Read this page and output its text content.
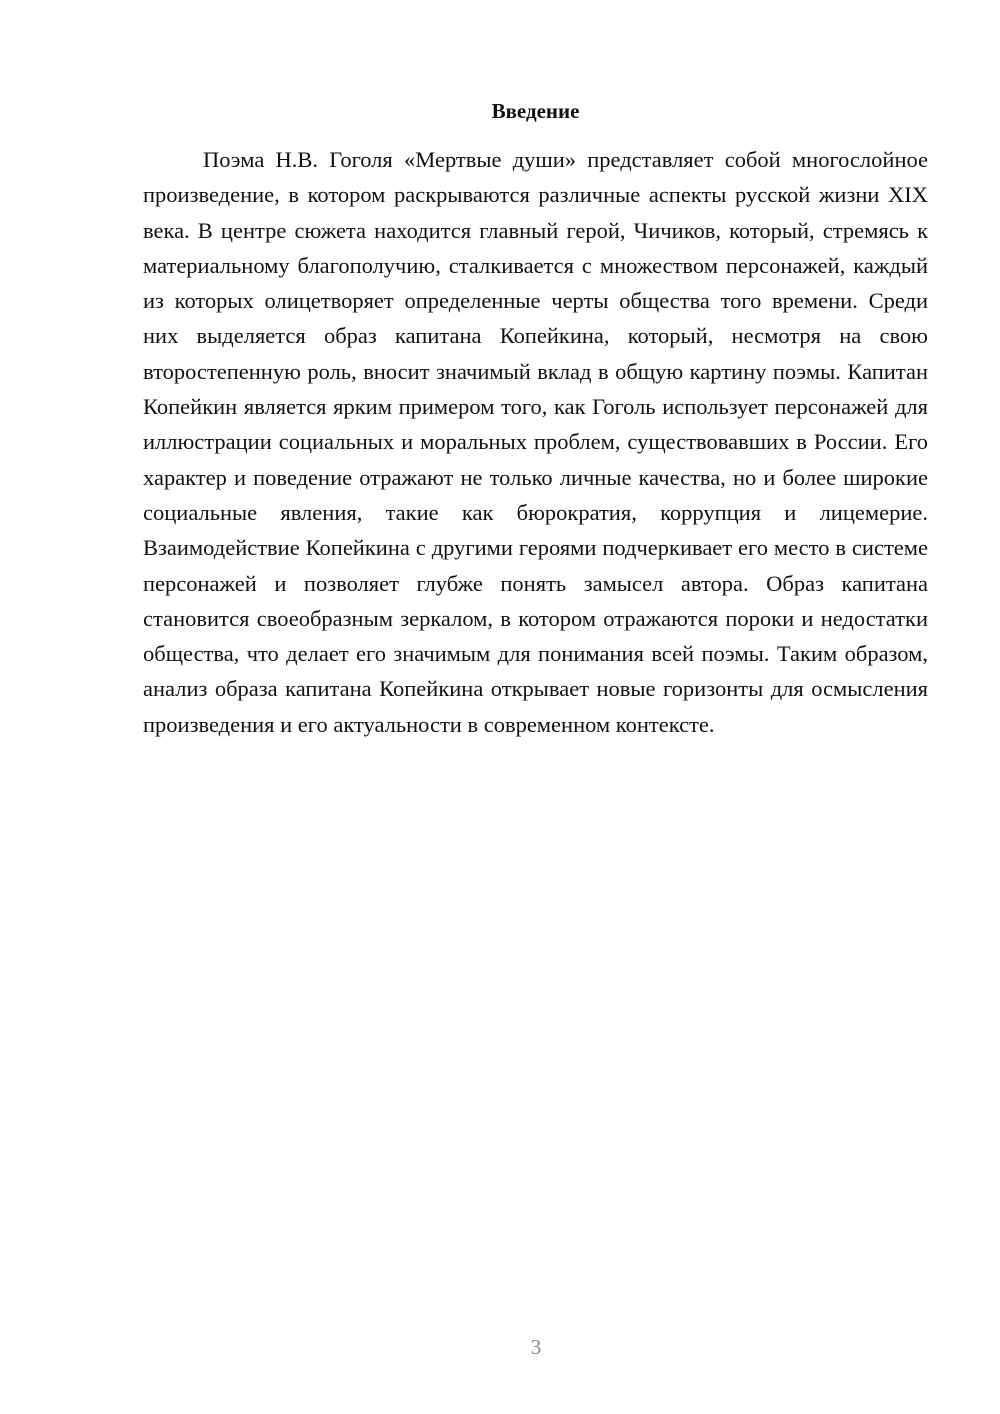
Введение

Поэма Н.В. Гоголя «Мертвые души» представляет собой многослойное произведение, в котором раскрываются различные аспекты русской жизни XIX века. В центре сюжета находится главный герой, Чичиков, который, стремясь к материальному благополучию, сталкивается с множеством персонажей, каждый из которых олицетворяет определенные черты общества того времени. Среди них выделяется образ капитана Копейкина, который, несмотря на свою второстепенную роль, вносит значимый вклад в общую картину поэмы. Капитан Копейкин является ярким примером того, как Гоголь использует персонажей для иллюстрации социальных и моральных проблем, существовавших в России. Его характер и поведение отражают не только личные качества, но и более широкие социальные явления, такие как бюрократия, коррупция и лицемерие. Взаимодействие Копейкина с другими героями подчеркивает его место в системе персонажей и позволяет глубже понять замысел автора. Образ капитана становится своеобразным зеркалом, в котором отражаются пороки и недостатки общества, что делает его значимым для понимания всей поэмы. Таким образом, анализ образа капитана Копейкина открывает новые горизонты для осмысления произведения и его актуальности в современном контексте.

3
